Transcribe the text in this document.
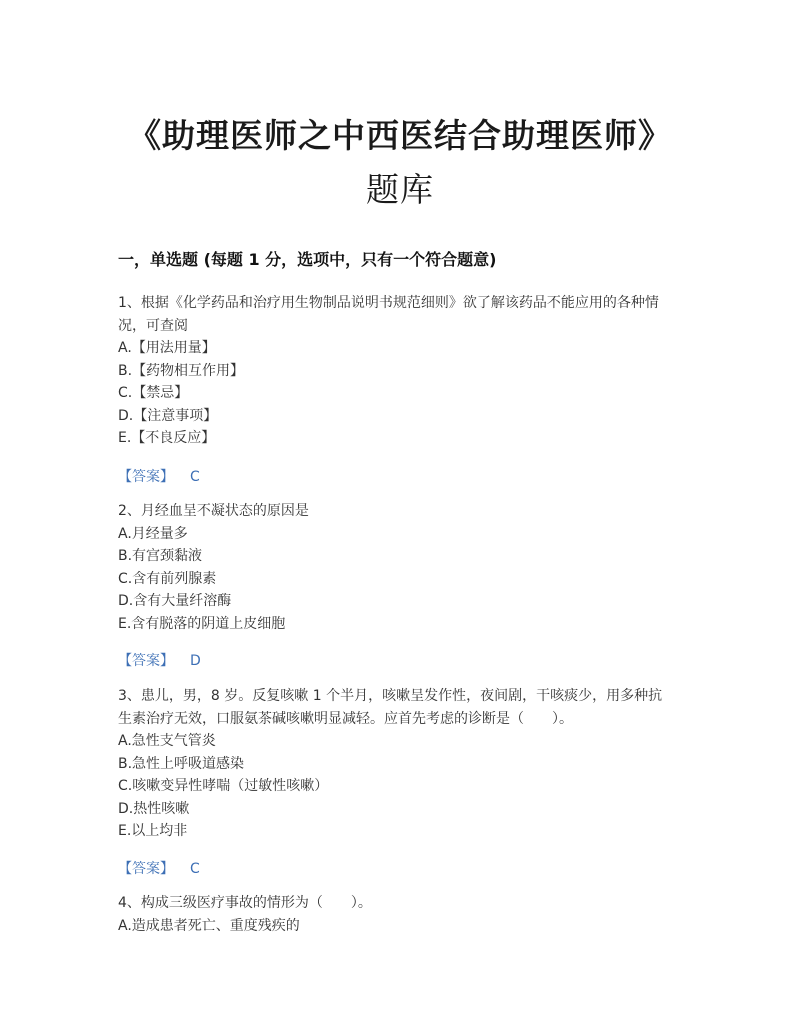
《助理医师之中西医结合助理医师》
题库
一，单选题 (每题 1 分，选项中，只有一个符合题意)

1、根据《化学药品和治疗用生物制品说明书规范细则》欲了解该药品不能应用的各种情

况，可查阅

A.【用法用量】

B.【药物相互作用】

C.【禁忌】

D.【注意事项】

E.【不良反应】

【答案】 C

2、月经血呈不凝状态的原因是

A.月经量多

B.有宫颈黏液

C.含有前列腺素

D.含有大量纤溶酶

E.含有脱落的阴道上皮细胞

【答案】 D

3、患儿，男，8 岁。反复咳嗽 1 个半月，咳嗽呈发作性，夜间剧，干咳痰少，用多种抗

生素治疗无效，口服氨茶碱咳嗽明显减轻。应首先考虑的诊断是（　　）。

A.急性支气管炎

B.急性上呼吸道感染

C.咳嗽变异性哮喘（过敏性咳嗽）

D.热性咳嗽

E.以上均非

【答案】 C

4、构成三级医疗事故的情形为（　　）。

A.造成患者死亡、重度残疾的
